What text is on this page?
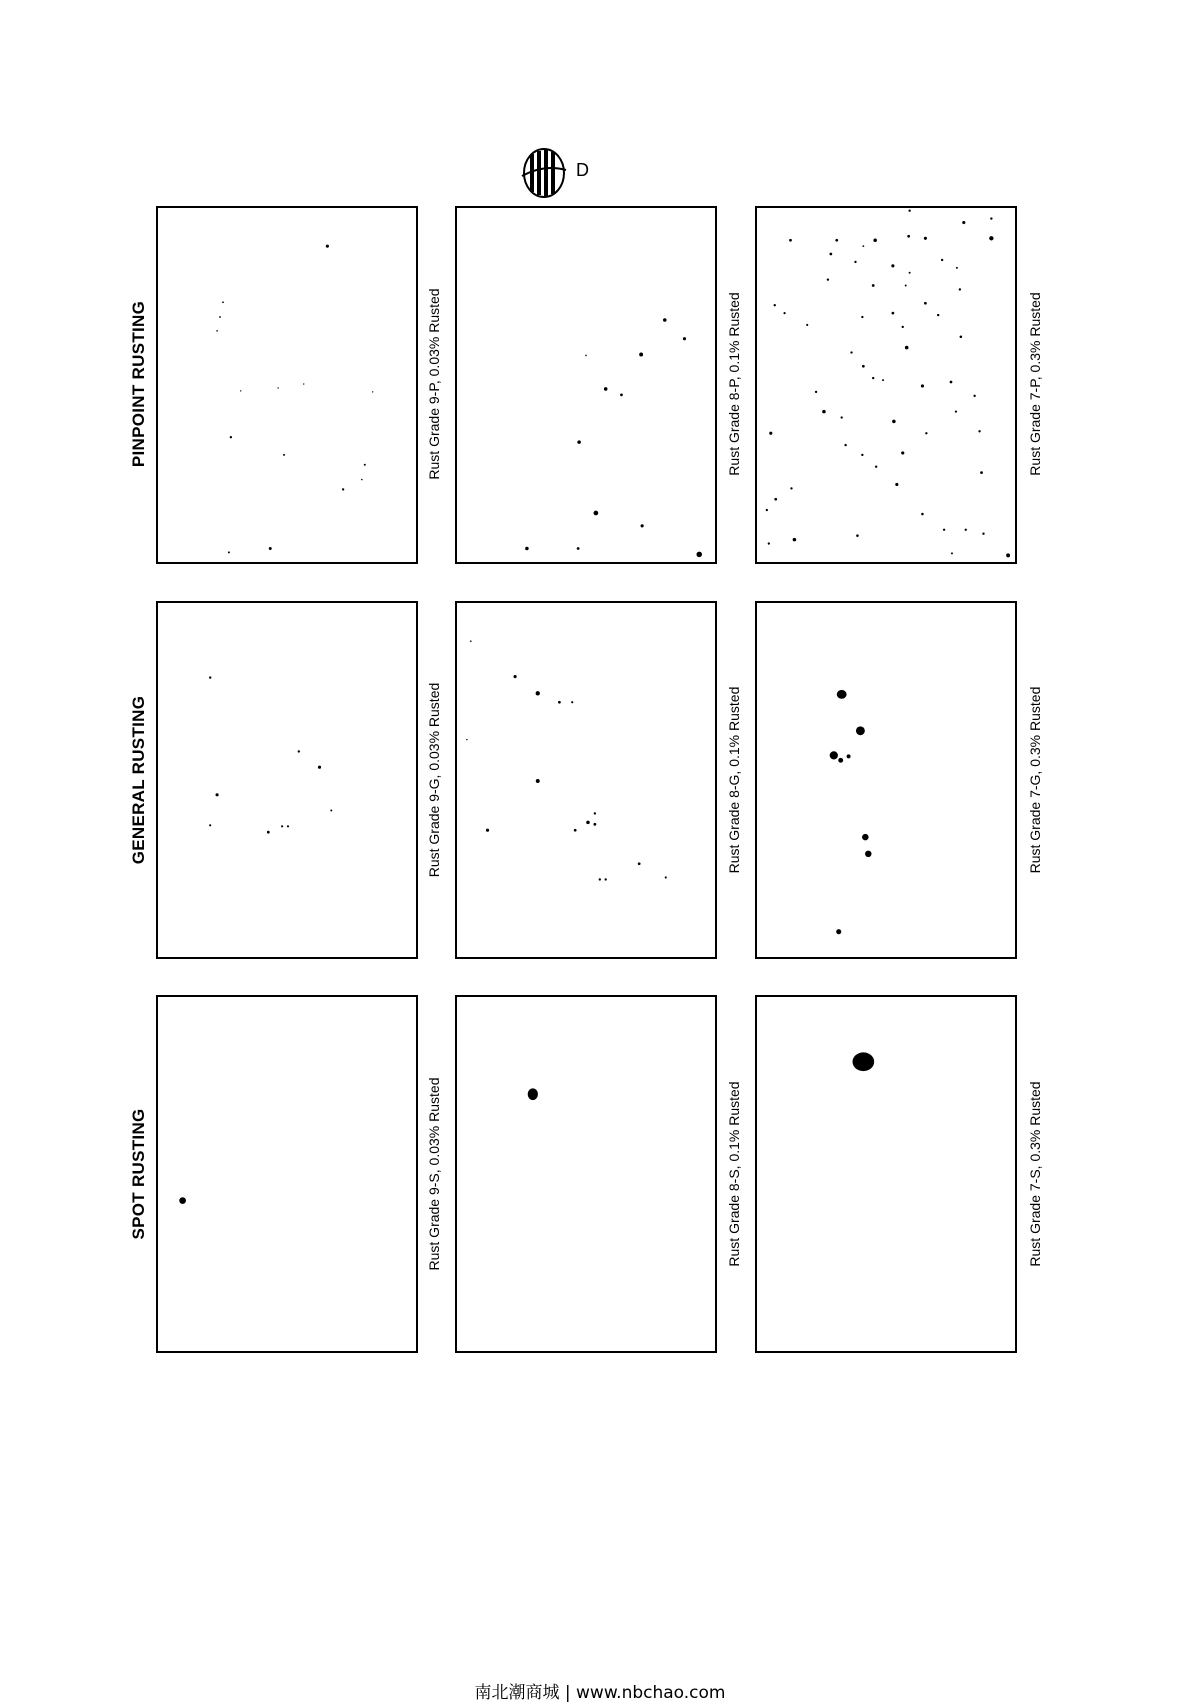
D
PINPOINT RUSTING
GENERAL RUSTING
SPOT RUSTING
Rust Grade 9-P, 0.03% Rusted	Rust Grade 8-P, 0.1% Rusted	Rust Grade 7-P, 0.3% Rusted
Rust Grade 9-G, 0.03% Rusted	Rust Grade 8-G, 0.1% Rusted	Rust Grade 7-G, 0.3% Rusted
Rust Grade 9-S, 0.03% Rusted	Rust Grade 8-S, 0.1% Rusted	Rust Grade 7-S, 0.3% Rusted
南北潮商城 | www.nbchao.com
